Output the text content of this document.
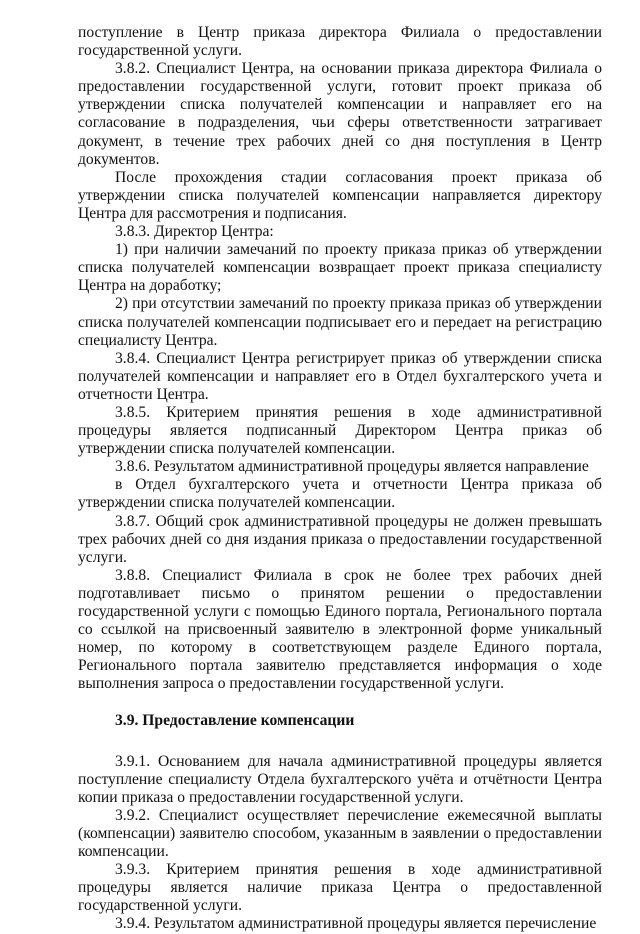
поступление в Центр приказа директора Филиала о предоставлении государственной услуги.

3.8.2. Специалист Центра, на основании приказа директора Филиала о предоставлении государственной услуги, готовит проект приказа об утверждении списка получателей компенсации и направляет его на согласование в подразделения, чьи сферы ответственности затрагивает документ, в течение трех рабочих дней со дня поступления в Центр документов.

После прохождения стадии согласования проект приказа об утверждении списка получателей компенсации направляется директору Центра для рассмотрения и подписания.

3.8.3. Директор Центра:

1) при наличии замечаний по проекту приказа приказ об утверждении списка получателей компенсации возвращает проект приказа специалисту Центра на доработку;

2) при отсутствии замечаний по проекту приказа приказ об утверждении списка получателей компенсации подписывает его и передает на регистрацию специалисту Центра.

3.8.4. Специалист Центра регистрирует приказ об утверждении списка получателей компенсации и направляет его в Отдел бухгалтерского учета и отчетности Центра.

3.8.5. Критерием принятия решения в ходе административной процедуры является подписанный Директором Центра приказ об утверждении списка получателей компенсации.

3.8.6. Результатом административной процедуры является направление

в Отдел бухгалтерского учета и отчетности Центра приказа об утверждении списка получателей компенсации.

3.8.7. Общий срок административной процедуры не должен превышать трех рабочих дней со дня издания приказа о предоставлении государственной услуги.

3.8.8. Специалист Филиала в срок не более трех рабочих дней подготавливает письмо о принятом решении о предоставлении государственной услуги с помощью Единого портала, Регионального портала со ссылкой на присвоенный заявителю в электронной форме уникальный номер, по которому в соответствующем разделе Единого портала, Регионального портала заявителю представляется информация о ходе выполнения запроса о предоставлении государственной услуги.

3.9. Предоставление компенсации

3.9.1. Основанием для начала административной процедуры является поступление специалисту Отдела бухгалтерского учёта и отчётности Центра копии приказа о предоставлении государственной услуги.

3.9.2. Специалист осуществляет перечисление ежемесячной выплаты (компенсации) заявителю способом, указанным в заявлении о предоставлении компенсации.

3.9.3. Критерием принятия решения в ходе административной процедуры является наличие приказа Центра о предоставленной государственной услуги.

3.9.4. Результатом административной процедуры является перечисление
